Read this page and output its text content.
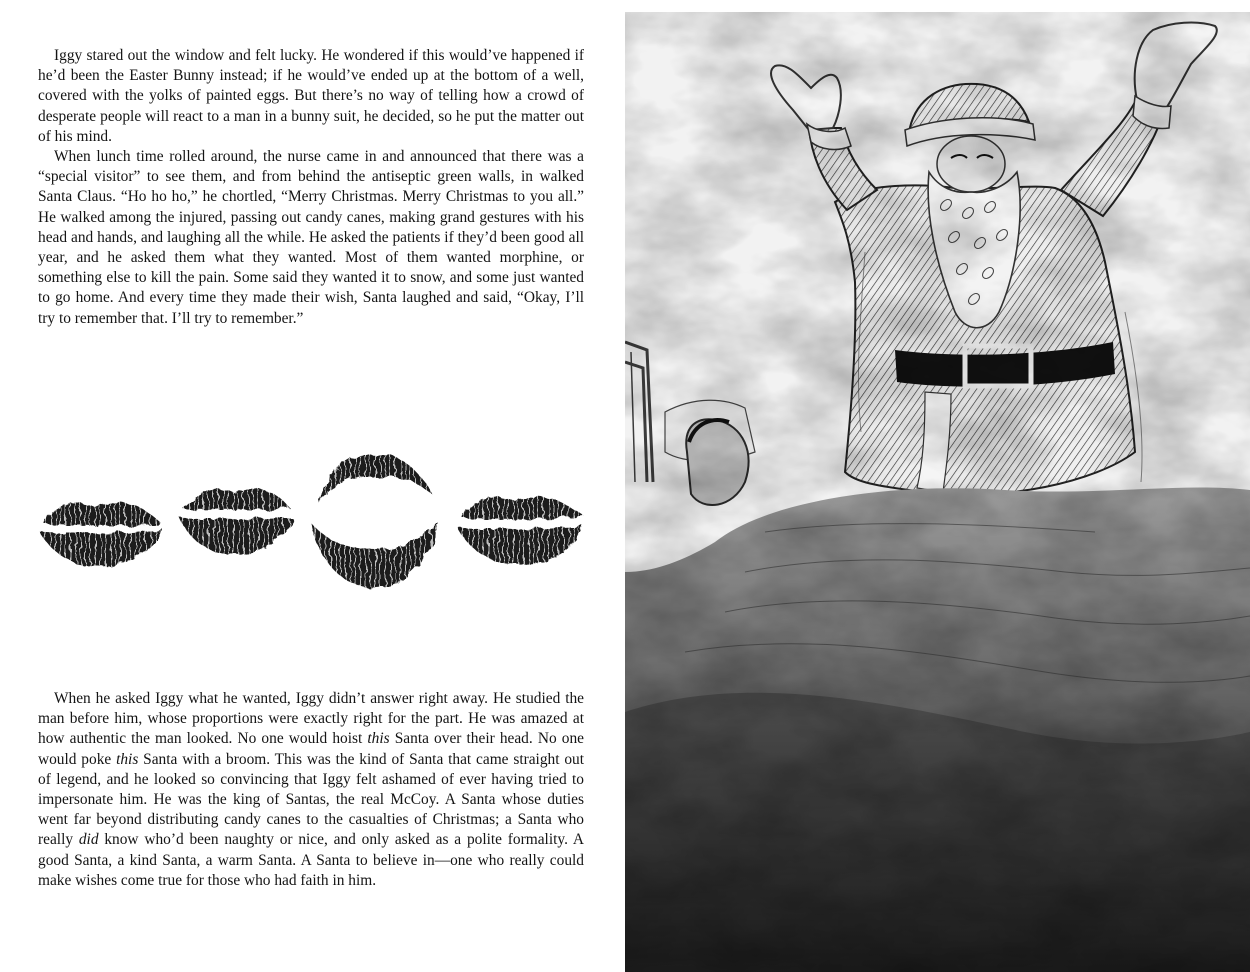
Iggy stared out the window and felt lucky. He wondered if this would’ve happened if he’d been the Easter Bunny instead; if he would’ve ended up at the bottom of a well, covered with the yolks of painted eggs. But there’s no way of telling how a crowd of desperate people will react to a man in a bunny suit, he decided, so he put the matter out of his mind.

When lunch time rolled around, the nurse came in and announced that there was a “special visitor” to see them, and from behind the antiseptic green walls, in walked Santa Claus. “Ho ho ho,” he chortled, “Merry Christmas. Merry Christmas to you all.” He walked among the injured, passing out candy canes, making grand gestures with his head and hands, and laughing all the while. He asked the patients if they’d been good all year, and he asked them what they wanted. Most of them wanted morphine, or something else to kill the pain. Some said they wanted it to snow, and some just wanted to go home. And every time they made their wish, Santa laughed and said, “Okay, I’ll try to remember that. I’ll try to remember.”

When he asked Iggy what he wanted, Iggy didn’t answer right away. He studied the man before him, whose proportions were exactly right for the part. He was amazed at how authentic the man looked. No one would hoist this Santa over their head. No one would poke this Santa with a broom. This was the kind of Santa that came straight out of legend, and he looked so convincing that Iggy felt ashamed of ever having tried to impersonate him. He was the king of Santas, the real McCoy. A Santa whose duties went far beyond distributing candy canes to the casualties of Christmas; a Santa who really did know who’d been naughty or nice, and only asked as a polite formality. A good Santa, a kind Santa, a warm Santa. A Santa to believe in—one who really could make wishes come true for those who had faith in him.
